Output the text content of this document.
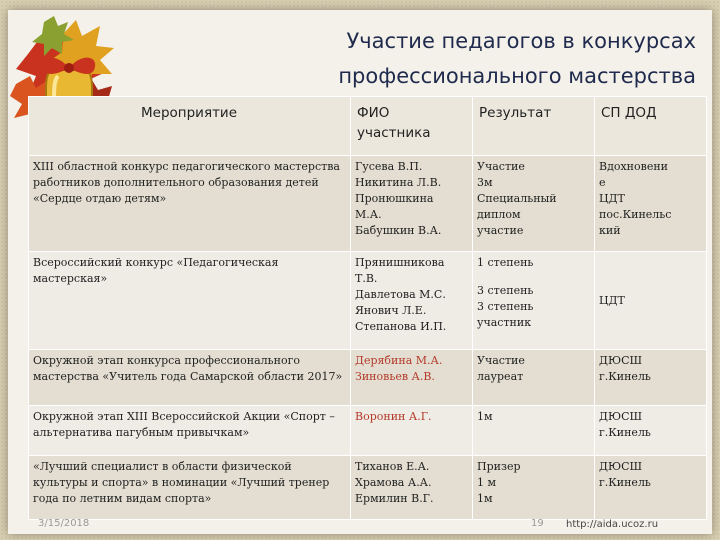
Участие педагогов в конкурсах
профессионального мастерства
Мероприятие	ФИО участника	Результат	СП ДОД
XIII областной конкурс педагогического мастерства работников дополнительного образования детей «Сердце отдаю детям»	Гусева В.П.
Никитина Л.В.
Пронюшкина
М.А.
Бабушкин В.А.	Участие
3м
Специальный
диплом
участие	Вдохновени
е
ЦДТ
пос.Кинельс
кий

Всероссийский конкурс «Педагогическая мастерская»	Прянишникова
Т.В.
Давлетова М.С.
Янович Л.Е.
Степанова И.П.	1 степень
3 степень
3 степень
участник	ЦДТ

Окружной этап конкурса профессионального мастерства «Учитель года Самарской области 2017»	Дерябина М.А.
Зиновьев А.В.	Участие
лауреат	ДЮСШ
г.Кинель

Окружной этап XIII Всероссийской Акции «Спорт – альтернатива пагубным привычкам»	Воронин А.Г.	1м	ДЮСШ
г.Кинель

«Лучший специалист в области физической культуры и спорта» в номинации «Лучший тренер года по летним видам спорта»	Тиханов Е.А.
Храмова А.А.
Ермилин В.Г.	Призер
1 м
1м	ДЮСШ
г.Кинель
3/15/2018	19 http://aida.ucoz.ru
